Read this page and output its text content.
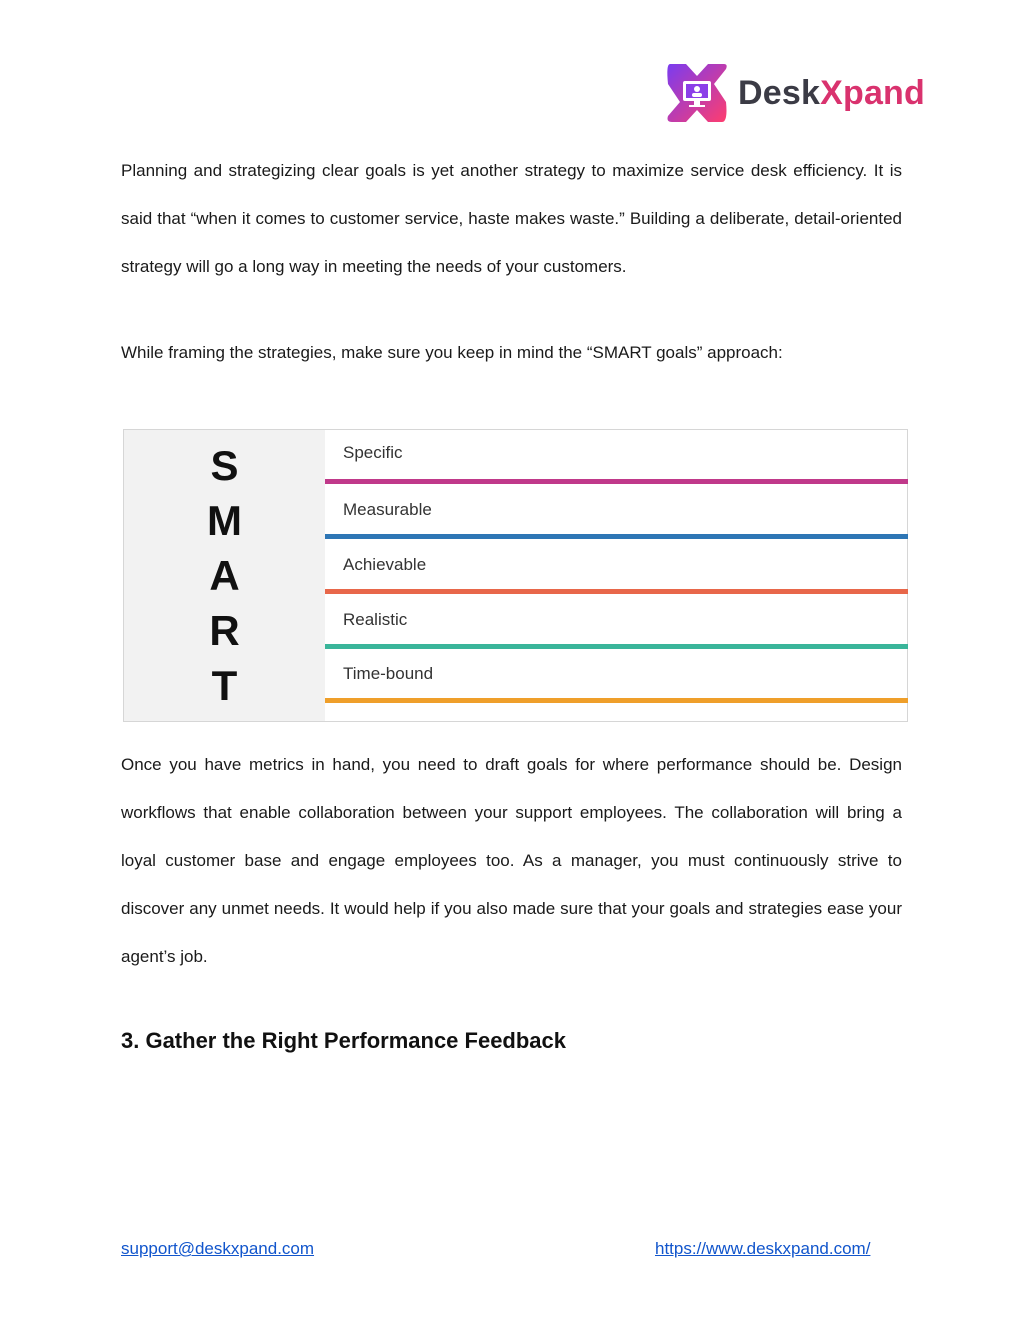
DeskXpand

Planning and strategizing clear goals is yet another strategy to maximize service desk efficiency. It is said that “when it comes to customer service, haste makes waste.” Building a deliberate, detail-oriented strategy will go a long way in meeting the needs of your customers.

While framing the strategies, make sure you keep in mind the “SMART goals” approach:

S
M
A
R
T
Specific
Measurable
Achievable
Realistic
Time-bound

Once you have metrics in hand, you need to draft goals for where performance should be. Design workflows that enable collaboration between your support employees. The collaboration will bring a loyal customer base and engage employees too. As a manager, you must continuously strive to discover any unmet needs. It would help if you also made sure that your goals and strategies ease your agent’s job.

3. Gather the Right Performance Feedback
support@deskxpand.com	https://www.deskxpand.com/
